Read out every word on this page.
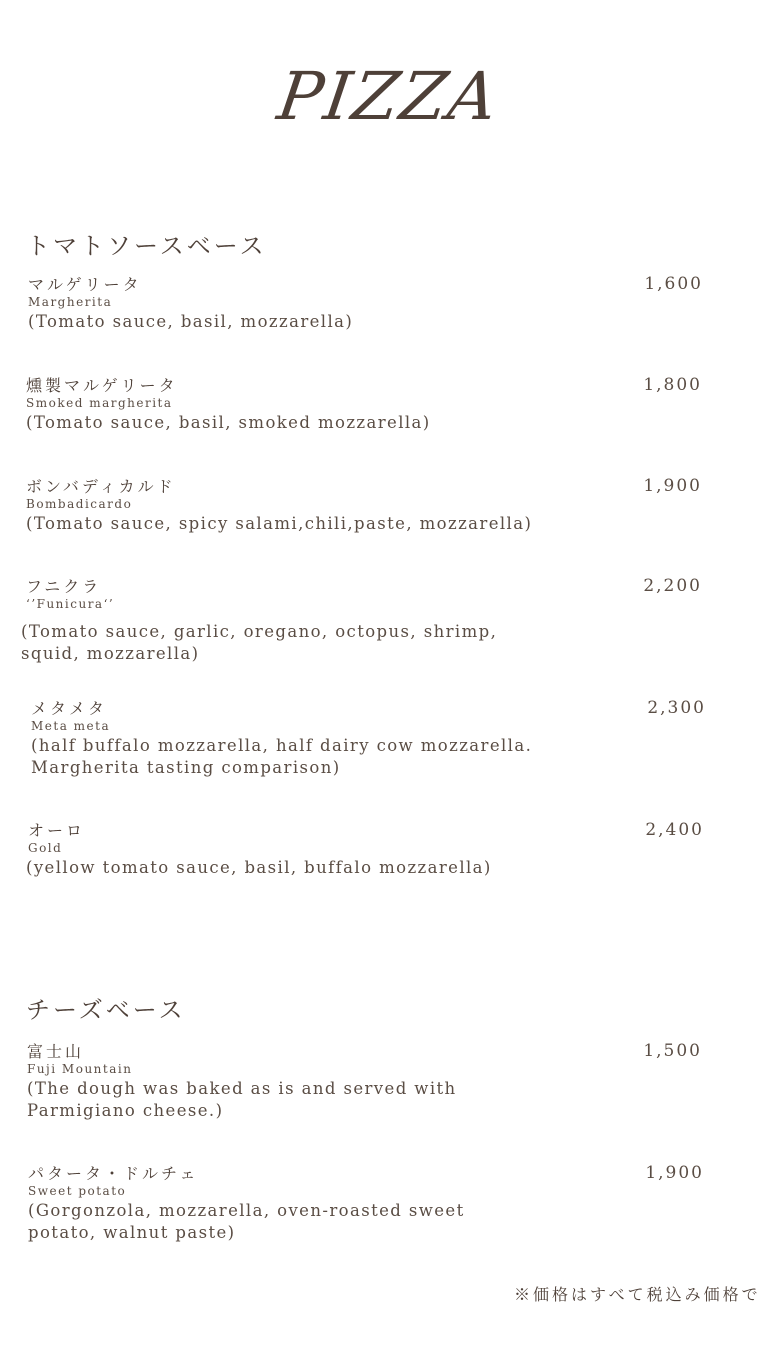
PIZZA
トマトソースベース
マルゲリータ
Margherita
(Tomato sauce, basil, mozzarella)
1,600
燻製マルゲリータ
Smoked margherita
(Tomato sauce, basil, smoked mozzarella)
1,800
ボンバディカルド
Bombadicardo
(Tomato sauce, spicy salami,chili,paste, mozzarella)
1,900
フニクラ
‘’Funicura‘’
(Tomato sauce, garlic, oregano, octopus, shrimp,
squid, mozzarella)
2,200
メタメタ
Meta meta
(half buffalo mozzarella, half dairy cow mozzarella.
Margherita tasting comparison)
2,300
オーロ
Gold
(yellow tomato sauce, basil, buffalo mozzarella)
2,400
チーズベース
富士山
Fuji Mountain
(The dough was baked as is and served with
Parmigiano cheese.)
1,500
パタータ・ドルチェ
Sweet potato
(Gorgonzola, mozzarella, oven-roasted sweet
potato, walnut paste)
1,900
※価格はすべて税込み価格で
